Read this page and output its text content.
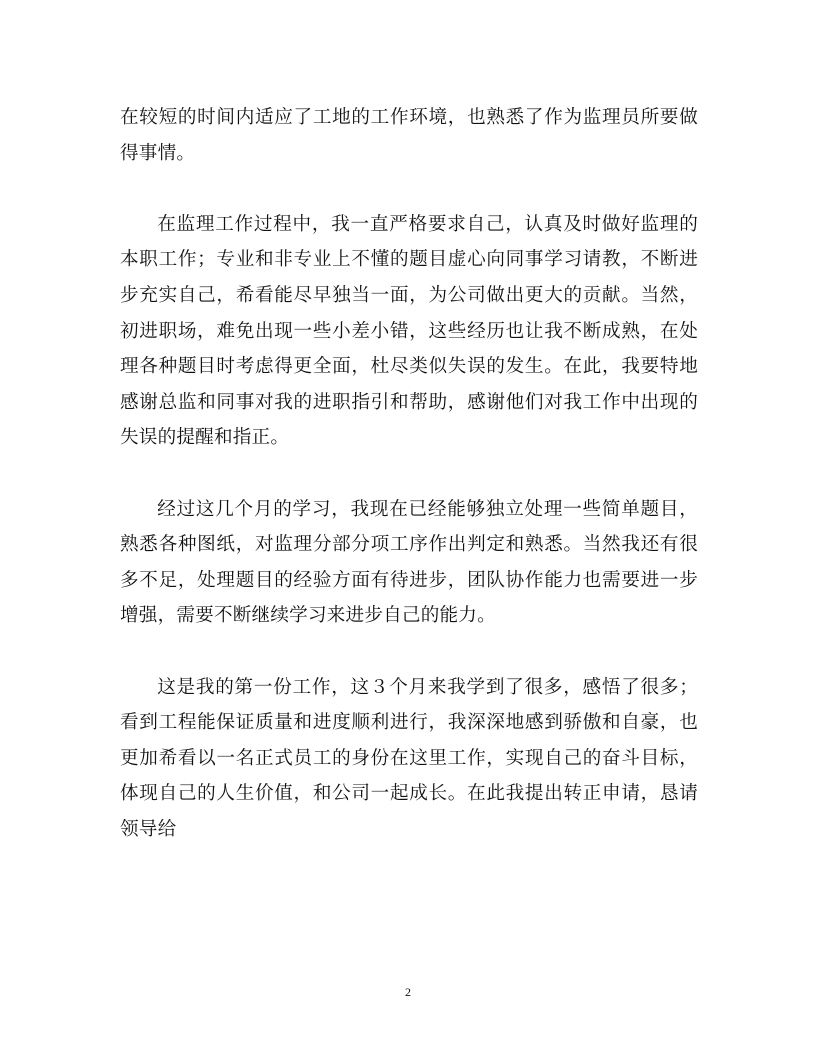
在较短的时间内适应了工地的工作环境，也熟悉了作为监理员所要做得事情。

在监理工作过程中，我一直严格要求自己，认真及时做好监理的本职工作；专业和非专业上不懂的题目虚心向同事学习请教，不断进步充实自己，希看能尽早独当一面，为公司做出更大的贡献。当然，初进职场，难免出现一些小差小错，这些经历也让我不断成熟，在处理各种题目时考虑得更全面，杜尽类似失误的发生。在此，我要特地感谢总监和同事对我的进职指引和帮助，感谢他们对我工作中出现的失误的提醒和指正。

经过这几个月的学习，我现在已经能够独立处理一些简单题目，熟悉各种图纸，对监理分部分项工序作出判定和熟悉。当然我还有很多不足，处理题目的经验方面有待进步，团队协作能力也需要进一步增强，需要不断继续学习来进步自己的能力。

这是我的第一份工作，这３个月来我学到了很多，感悟了很多；看到工程能保证质量和进度顺利进行，我深深地感到骄傲和自豪，也更加希看以一名正式员工的身份在这里工作，实现自己的奋斗目标，体现自己的人生价值，和公司一起成长。在此我提出转正申请，恳请领导给

2
